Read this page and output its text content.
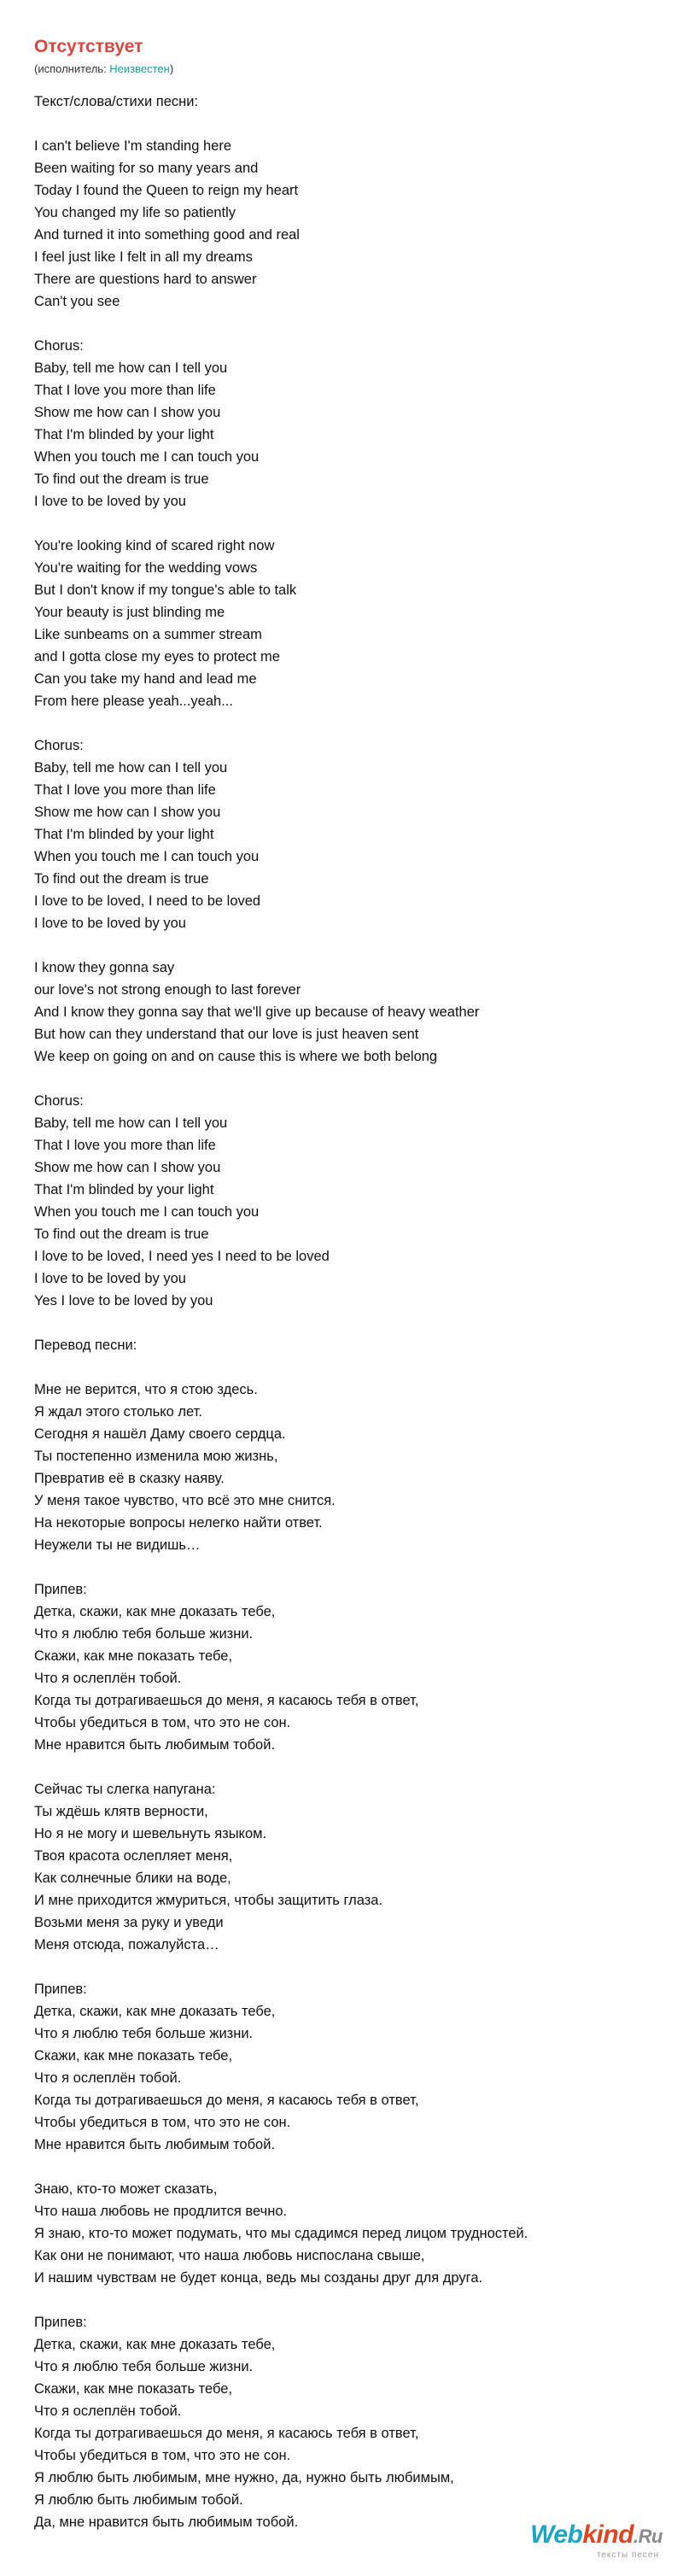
Отсутствует
(исполнитель: Неизвестен)
Текст/слова/стихи песни:
I can't believe I'm standing here
Been waiting for so many years and
Today I found the Queen to reign my heart
You changed my life so patiently
And turned it into something good and real
I feel just like I felt in all my dreams
There are questions hard to answer
Can't you see
Chorus:
Baby, tell me how can I tell you
That I love you more than life
Show me how can I show you
That I'm blinded by your light
When you touch me I can touch you
To find out the dream is true
I love to be loved by you
You're looking kind of scared right now
You're waiting for the wedding vows
But I don't know if my tongue's able to talk
Your beauty is just blinding me
Like sunbeams on a summer stream
and I gotta close my eyes to protect me
Can you take my hand and lead me
From here please yeah...yeah...
Chorus:
Baby, tell me how can I tell you
That I love you more than life
Show me how can I show you
That I'm blinded by your light
When you touch me I can touch you
To find out the dream is true
I love to be loved, I need to be loved
I love to be loved by you
I know they gonna say
our love's not strong enough to last forever
And I know they gonna say that we'll give up because of heavy weather
But how can they understand that our love is just heaven sent
We keep on going on and on cause this is where we both belong
Chorus:
Baby, tell me how can I tell you
That I love you more than life
Show me how can I show you
That I'm blinded by your light
When you touch me I can touch you
To find out the dream is true
I love to be loved, I need yes I need to be loved
I love to be loved by you
Yes I love to be loved by you
Перевод песни:
Мне не верится, что я стою здесь.
Я ждал этого столько лет.
Сегодня я нашёл Даму своего сердца.
Ты постепенно изменила мою жизнь,
Превратив её в сказку наяву.
У меня такое чувство, что всё это мне снится.
На некоторые вопросы нелегко найти ответ.
Неужели ты не видишь…
Припев:
Детка, скажи, как мне доказать тебе,
Что я люблю тебя больше жизни.
Скажи, как мне показать тебе,
Что я ослеплён тобой.
Когда ты дотрагиваешься до меня, я касаюсь тебя в ответ,
Чтобы убедиться в том, что это не сон.
Мне нравится быть любимым тобой.
Сейчас ты слегка напугана:
Ты ждёшь клятв верности,
Но я не могу и шевельнуть языком.
Твоя красота ослепляет меня,
Как солнечные блики на воде,
И мне приходится жмуриться, чтобы защитить глаза.
Возьми меня за руку и уведи
Меня отсюда, пожалуйста…
Припев:
Детка, скажи, как мне доказать тебе,
Что я люблю тебя больше жизни.
Скажи, как мне показать тебе,
Что я ослеплён тобой.
Когда ты дотрагиваешься до меня, я касаюсь тебя в ответ,
Чтобы убедиться в том, что это не сон.
Мне нравится быть любимым тобой.
Знаю, кто-то может сказать,
Что наша любовь не продлится вечно.
Я знаю, кто-то может подумать, что мы сдадимся перед лицом трудностей.
Как они не понимают, что наша любовь ниспослана свыше,
И нашим чувствам не будет конца, ведь мы созданы друг для друга.
Припев:
Детка, скажи, как мне доказать тебе,
Что я люблю тебя больше жизни.
Скажи, как мне показать тебе,
Что я ослеплён тобой.
Когда ты дотрагиваешься до меня, я касаюсь тебя в ответ,
Чтобы убедиться в том, что это не сон.
Я люблю быть любимым, мне нужно, да, нужно быть любимым,
Я люблю быть любимым тобой.
Да, мне нравится быть любимым тобой.	Webkind.Ru
тексты песен
